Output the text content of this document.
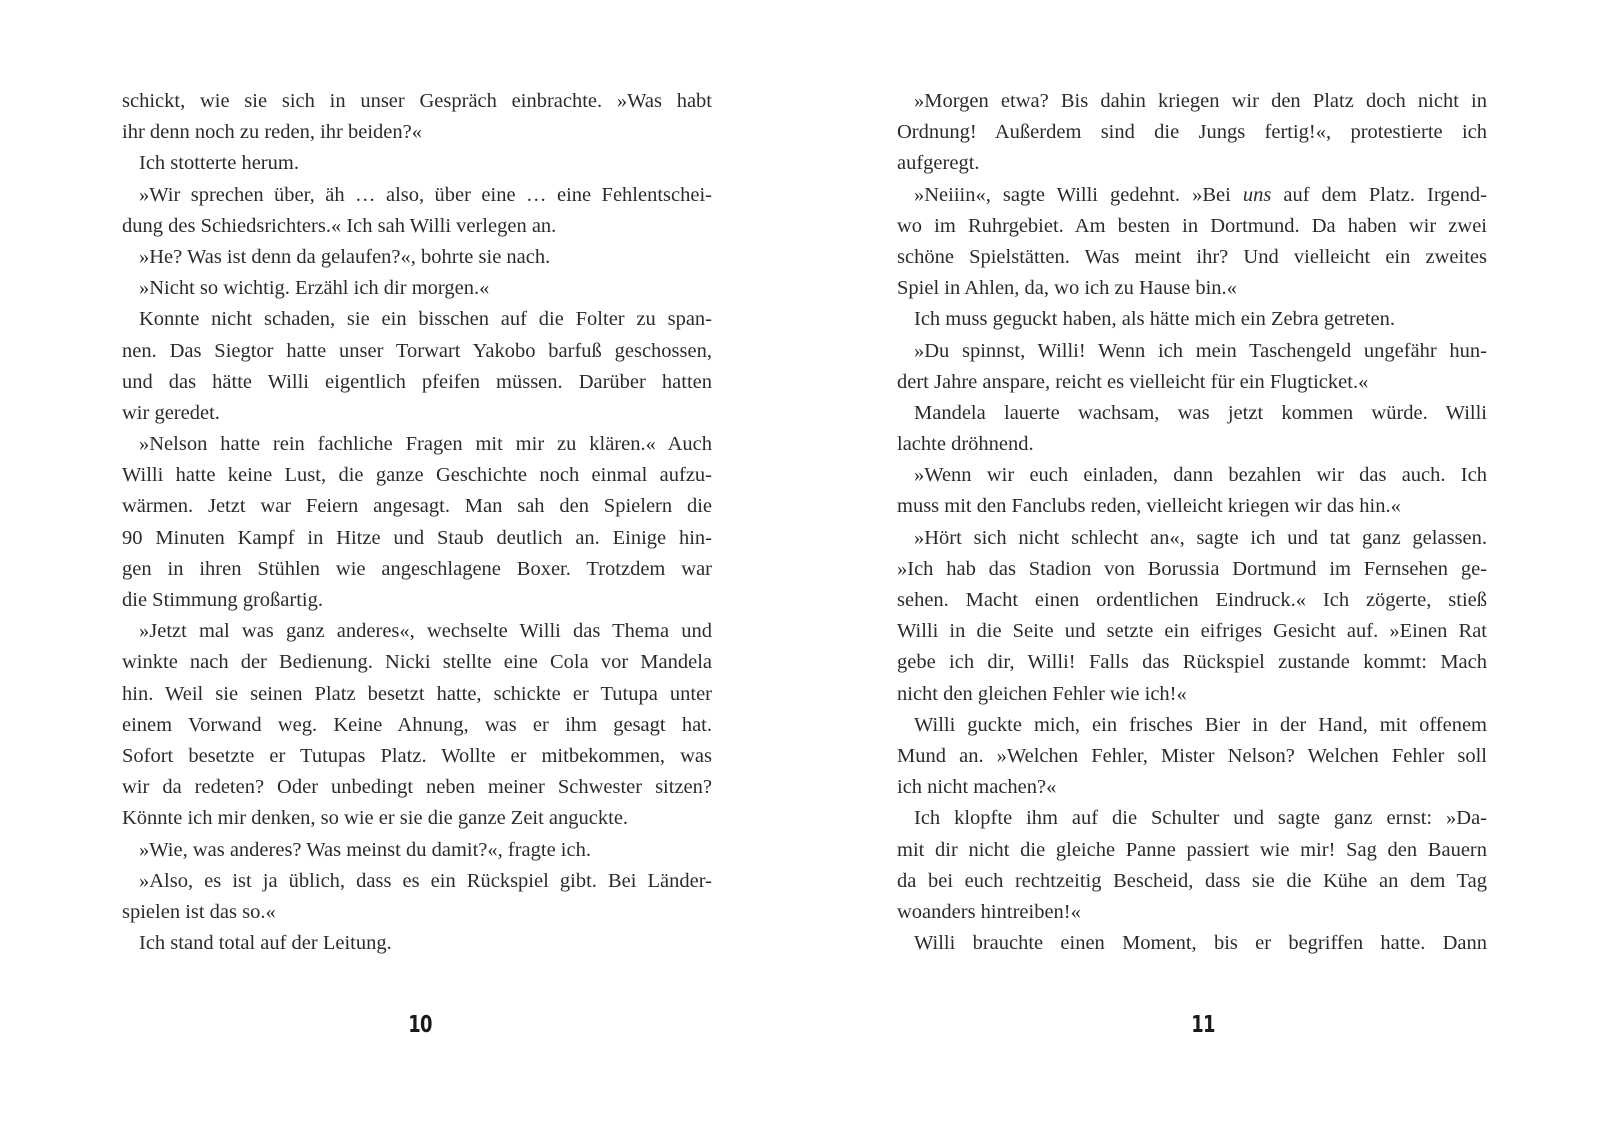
schickt, wie sie sich in unser Gespräch einbrachte. »Was habt
ihr denn noch zu reden, ihr beiden?«
Ich stotterte herum.
»Wir sprechen über, äh … also, über eine … eine Fehlentschei-
dung des Schiedsrichters.« Ich sah Willi verlegen an.
»He? Was ist denn da gelaufen?«, bohrte sie nach.
»Nicht so wichtig. Erzähl ich dir morgen.«
Konnte nicht schaden, sie ein bisschen auf die Folter zu span-
nen. Das Siegtor hatte unser Torwart Yakobo barfuß geschossen,
und das hätte Willi eigentlich pfeifen müssen. Darüber hatten
wir geredet.
»Nelson hatte rein fachliche Fragen mit mir zu klären.« Auch
Willi hatte keine Lust, die ganze Geschichte noch einmal aufzu-
wärmen. Jetzt war Feiern angesagt. Man sah den Spielern die
90 Minuten Kampf in Hitze und Staub deutlich an. Einige hin-
gen in ihren Stühlen wie angeschlagene Boxer. Trotzdem war
die Stimmung großartig.
»Jetzt mal was ganz anderes«, wechselte Willi das Thema und
winkte nach der Bedienung. Nicki stellte eine Cola vor Mandela
hin. Weil sie seinen Platz besetzt hatte, schickte er Tutupa unter
einem Vorwand weg. Keine Ahnung, was er ihm gesagt hat.
Sofort besetzte er Tutupas Platz. Wollte er mitbekommen, was
wir da redeten? Oder unbedingt neben meiner Schwester sitzen?
Könnte ich mir denken, so wie er sie die ganze Zeit anguckte.
»Wie, was anderes? Was meinst du damit?«, fragte ich.
»Also, es ist ja üblich, dass es ein Rückspiel gibt. Bei Länder-
spielen ist das so.«
Ich stand total auf der Leitung.
»Morgen etwa? Bis dahin kriegen wir den Platz doch nicht in
Ordnung! Außerdem sind die Jungs fertig!«, protestierte ich
aufgeregt.
»Neiiin«, sagte Willi gedehnt. »Bei uns auf dem Platz. Irgend-
wo im Ruhrgebiet. Am besten in Dortmund. Da haben wir zwei
schöne Spielstätten. Was meint ihr? Und vielleicht ein zweites
Spiel in Ahlen, da, wo ich zu Hause bin.«
Ich muss geguckt haben, als hätte mich ein Zebra getreten.
»Du spinnst, Willi! Wenn ich mein Taschengeld ungefähr hun-
dert Jahre anspare, reicht es vielleicht für ein Flugticket.«
Mandela lauerte wachsam, was jetzt kommen würde. Willi
lachte dröhnend.
»Wenn wir euch einladen, dann bezahlen wir das auch. Ich
muss mit den Fanclubs reden, vielleicht kriegen wir das hin.«
»Hört sich nicht schlecht an«, sagte ich und tat ganz gelassen.
»Ich hab das Stadion von Borussia Dortmund im Fernsehen ge-
sehen. Macht einen ordentlichen Eindruck.« Ich zögerte, stieß
Willi in die Seite und setzte ein eifriges Gesicht auf. »Einen Rat
gebe ich dir, Willi! Falls das Rückspiel zustande kommt: Mach
nicht den gleichen Fehler wie ich!«
Willi guckte mich, ein frisches Bier in der Hand, mit offenem
Mund an. »Welchen Fehler, Mister Nelson? Welchen Fehler soll
ich nicht machen?«
Ich klopfte ihm auf die Schulter und sagte ganz ernst: »Da-
mit dir nicht die gleiche Panne passiert wie mir! Sag den Bauern
da bei euch rechtzeitig Bescheid, dass sie die Kühe an dem Tag
woanders hintreiben!«
Willi brauchte einen Moment, bis er begriffen hatte. Dann
10	11
